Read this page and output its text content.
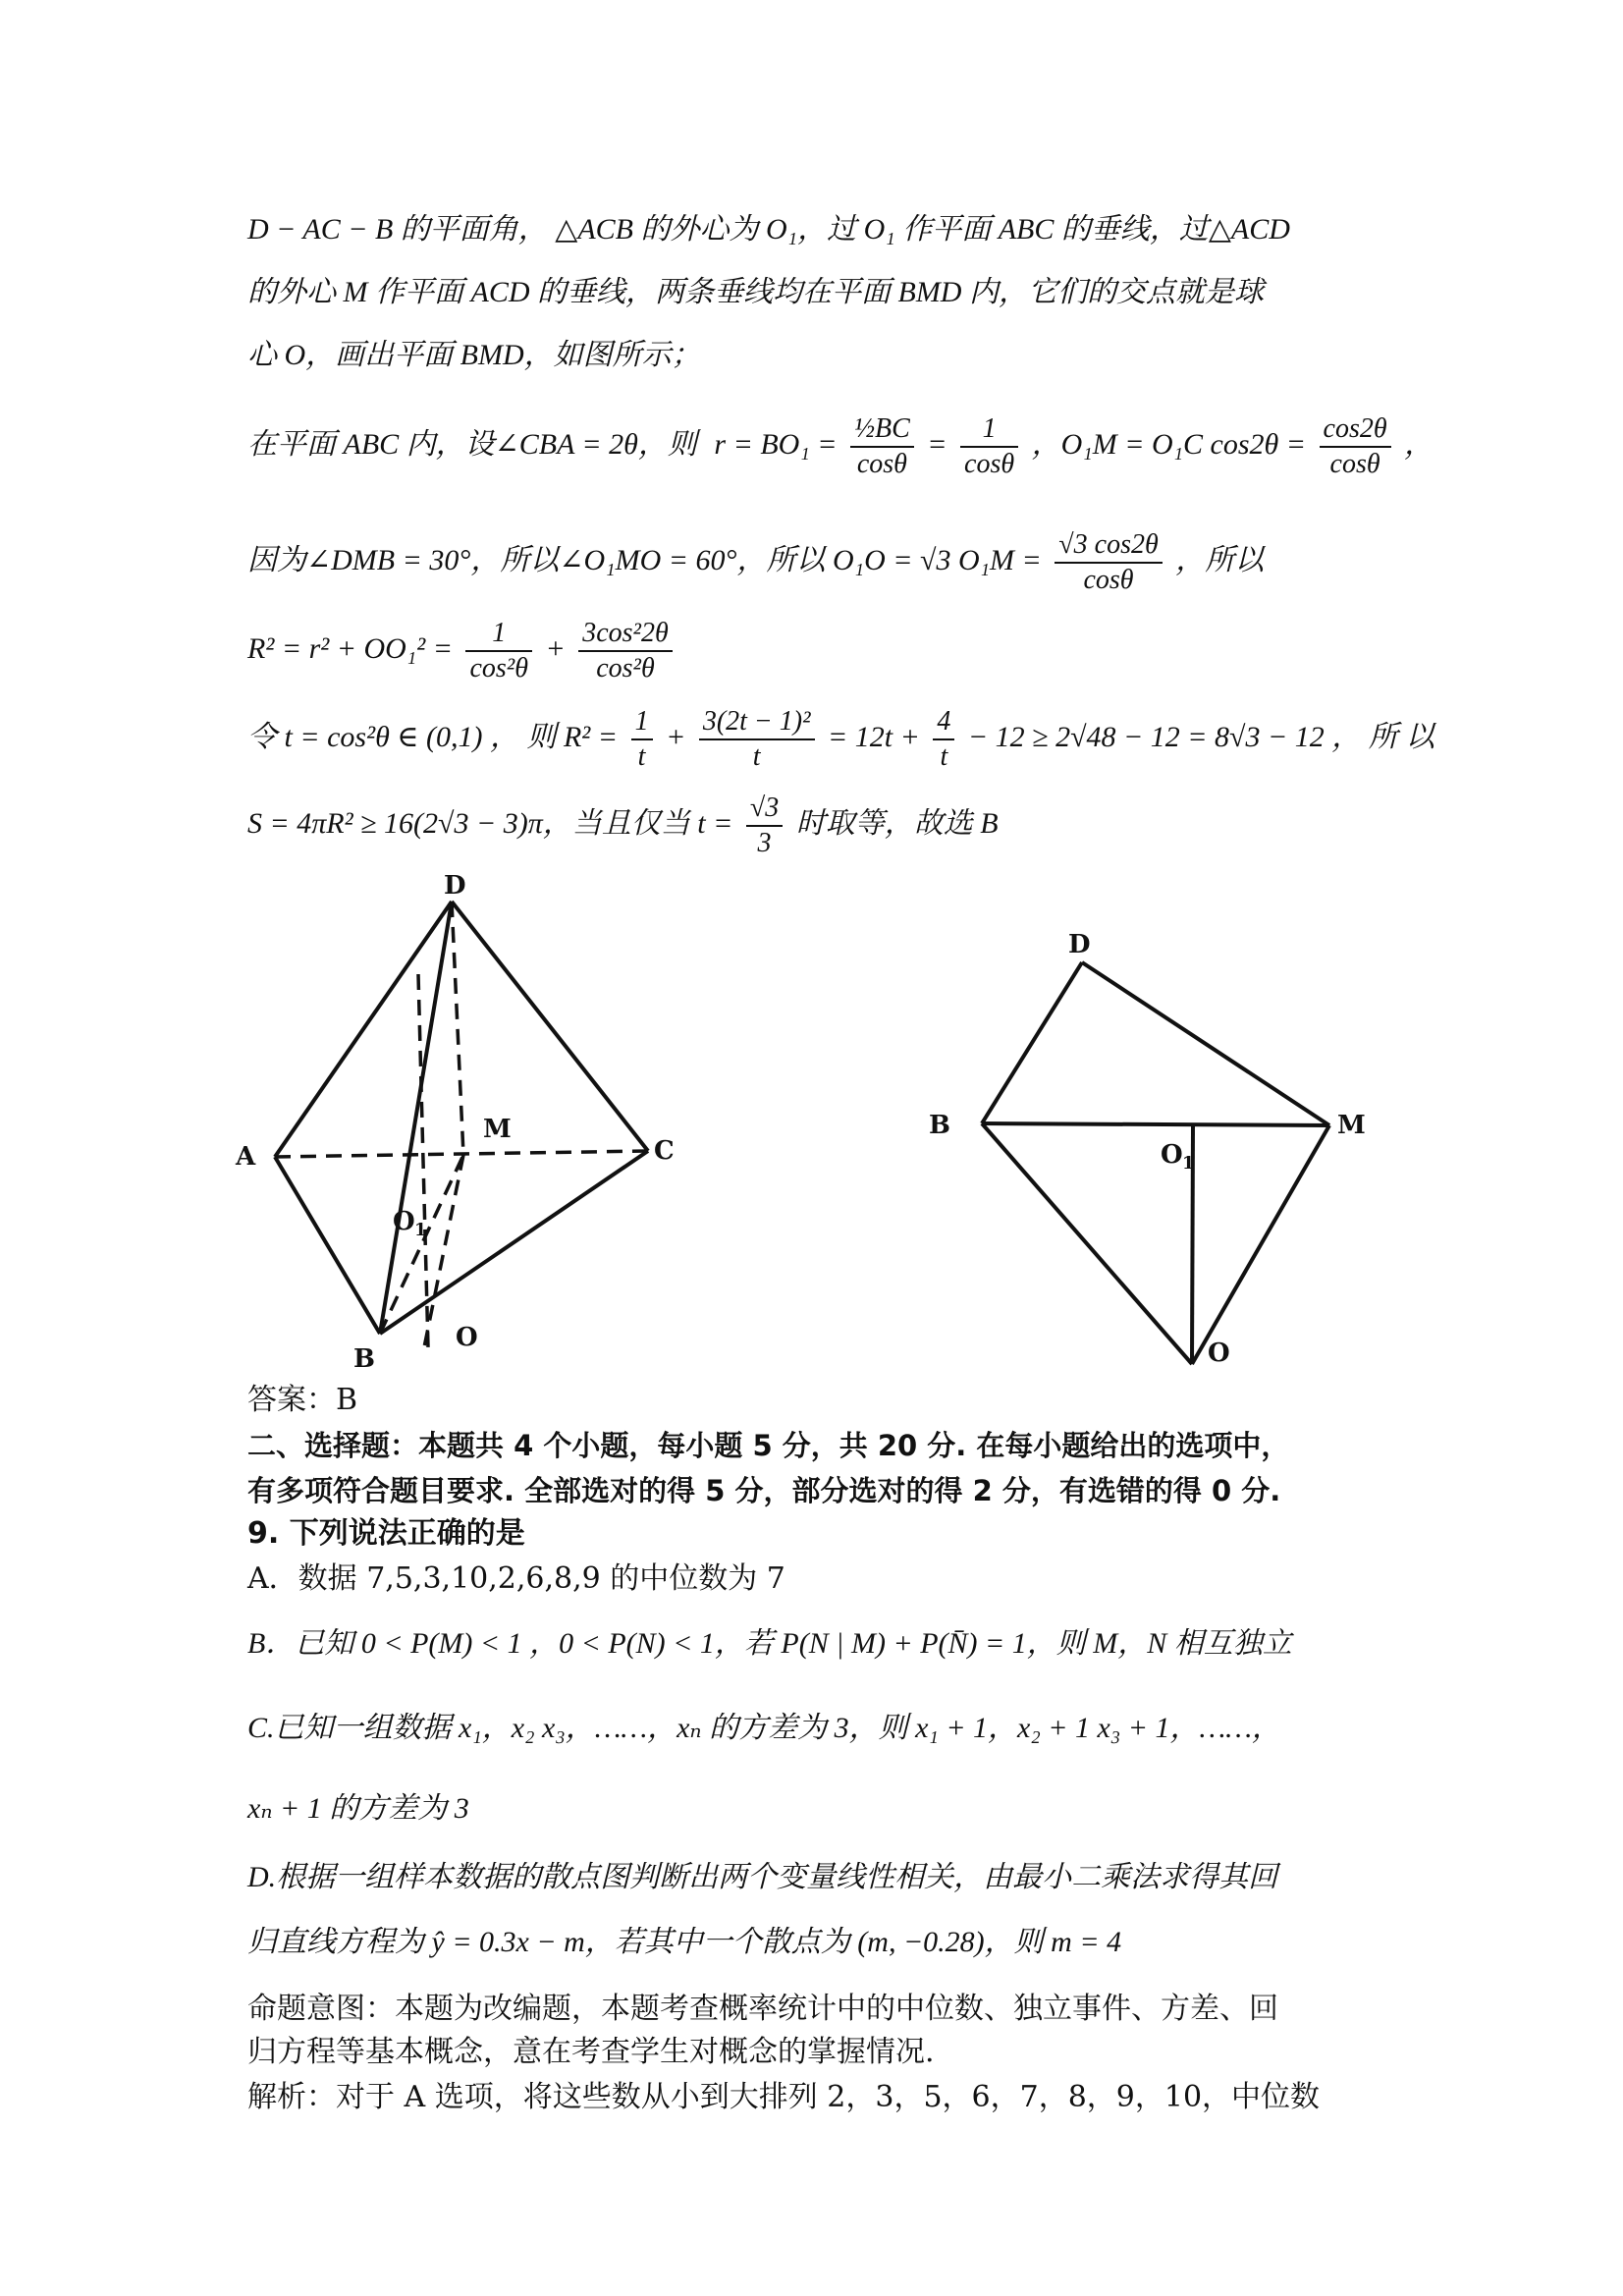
D − AC − B 的平面角， △ACB 的外心为 O₁，过 O₁ 作平面 ABC 的垂线，过△ACD
的外心 M 作平面 ACD 的垂线，两条垂线均在平面 BMD 内，它们的交点就是球
心 O，画出平面 BMD，如图所示；
在平面 ABC 内，设∠CBA = 2θ，则 $r = BO_1 = \frac{\text{½BC}}{\cos\theta} = \frac{1}{\cos\theta}$ ，O₁M = O₁C $\cos 2\theta = \frac{\cos 2\theta}{\cos\theta}$ ，
因为∠DMB = 30°，所以∠O₁MO = 60°，所以 O₁O = √3 $O_1M = \frac{√3 \cos 2\theta}{\cos\theta}$ ，所以
$R^2 = r^2 + OO_1^2 = \frac{1}{\text{cos²θ}} + \frac{\text{3cos²2θ}}{\text{cos²θ}}$
令 t = cos²θ ∈ (0,1) ， 则 $R^2 = \frac{1}{t} + \frac{\text{3(2t − 1)²}}{t} = 12t + \frac{4}{t} - 12 \ge 2√48 - 12 = 8√3 - 12$ ， 所 以
S = 4πR² ≥ 16(2√3 − 3)π，当且仅当 $t = \frac{√3}{3}$ 时取等，故选 B
D
A	C
M
O 1
B
O
D
B	M
O 1
O
答案：B
二、选择题：本题共 4 个小题，每小题 5 分，共 20 分. 在每小题给出的选项中，
有多项符合题目要求. 全部选对的得 5 分，部分选对的得 2 分，有选错的得 0 分.
9. 下列说法正确的是
A．数据 7,5,3,10,2,6,8,9 的中位数为 7
B．已知 0 < P(M) < 1 ，0 < P(N) < 1，若 P(N | M) + P(N̄) = 1，则 M，N 相互独立
C.已知一组数据 x₁，x₂ x₃，……，xₙ 的方差为 3，则 x₁ + 1，x₂ + 1 x₃ + 1，……，
xₙ + 1 的方差为 3
D.根据一组样本数据的散点图判断出两个变量线性相关，由最小二乘法求得其回
归直线方程为 ŷ = 0.3x − m，若其中一个散点为 (m, −0.28)，则 m = 4
命题意图：本题为改编题，本题考查概率统计中的中位数、独立事件、方差、回
归方程等基本概念，意在考查学生对概念的掌握情况.
解析：对于 A 选项，将这些数从小到大排列 2，3，5，6，7，8，9，10，中位数
